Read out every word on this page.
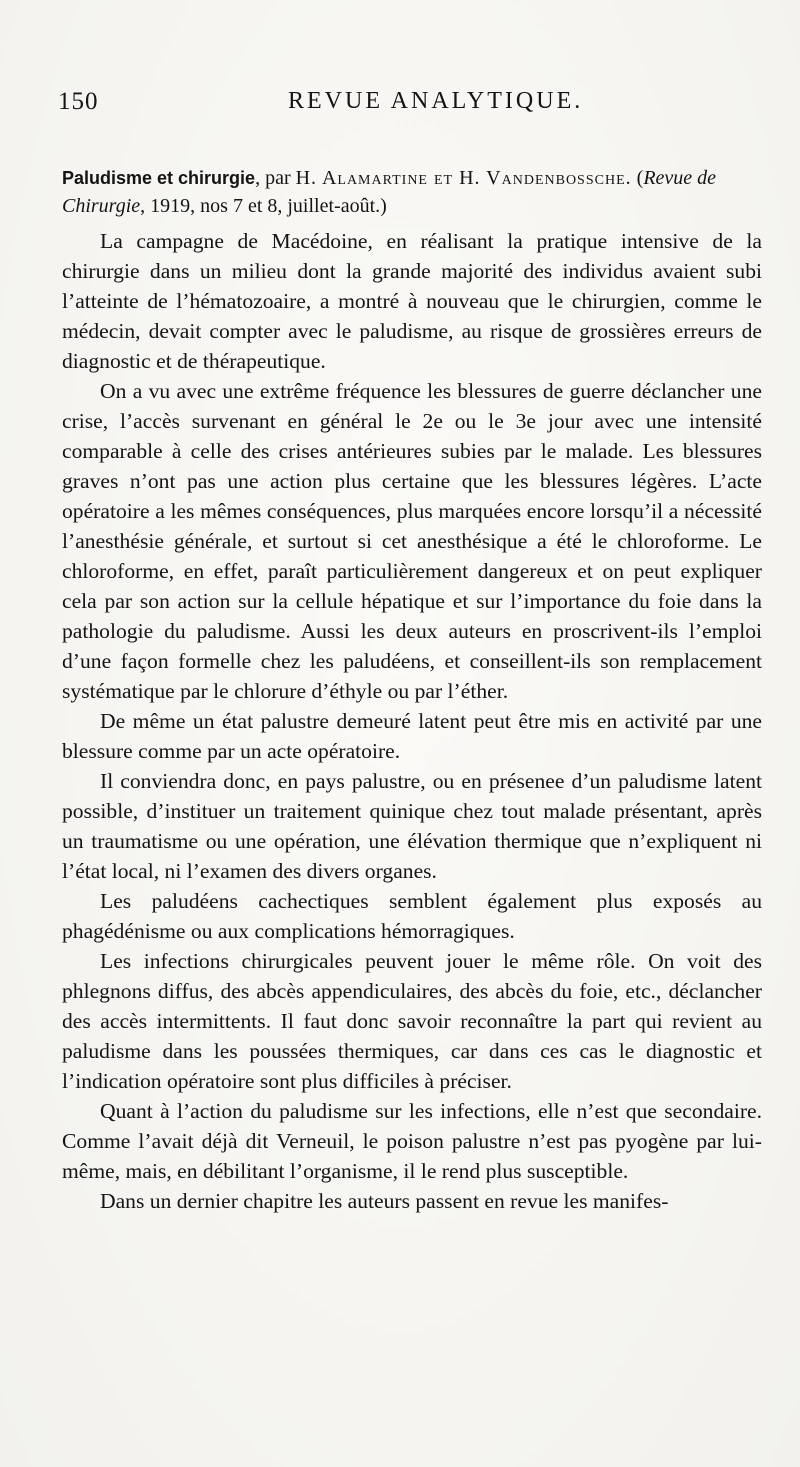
150	REVUE ANALYTIQUE.
Paludisme et chirurgie, par H. Alamartine et H. Vandenbossche. (Revue de Chirurgie, 1919, nos 7 et 8, juillet-août.)

La campagne de Macédoine, en réalisant la pratique intensive de la chirurgie dans un milieu dont la grande majorité des individus avaient subi l’atteinte de l’hématozoaire, a montré à nouveau que le chirurgien, comme le médecin, devait compter avec le paludisme, au risque de grossières erreurs de diagnostic et de thérapeutique.

On a vu avec une extrême fréquence les blessures de guerre déclancher une crise, l’accès survenant en général le 2e ou le 3e jour avec une intensité comparable à celle des crises antérieures subies par le malade. Les blessures graves n’ont pas une action plus certaine que les blessures légères. L’acte opératoire a les mêmes conséquences, plus marquées encore lorsqu’il a nécessité l’anesthésie générale, et surtout si cet anesthésique a été le chloroforme. Le chloroforme, en effet, paraît particulièrement dangereux et on peut expliquer cela par son action sur la cellule hépatique et sur l’importance du foie dans la pathologie du paludisme. Aussi les deux auteurs en proscrivent-ils l’emploi d’une façon formelle chez les paludéens, et conseillent-ils son remplacement systématique par le chlorure d’éthyle ou par l’éther.

De même un état palustre demeuré latent peut être mis en activité par une blessure comme par un acte opératoire.

Il conviendra donc, en pays palustre, ou en présenee d’un paludisme latent possible, d’instituer un traitement quinique chez tout malade présentant, après un traumatisme ou une opération, une élévation thermique que n’expliquent ni l’état local, ni l’examen des divers organes.

Les paludéens cachectiques semblent également plus exposés au phagédénisme ou aux complications hémorragiques.

Les infections chirurgicales peuvent jouer le même rôle. On voit des phlegnons diffus, des abcès appendiculaires, des abcès du foie, etc., déclancher des accès intermittents. Il faut donc savoir reconnaître la part qui revient au paludisme dans les poussées thermiques, car dans ces cas le diagnostic et l’indication opératoire sont plus difficiles à préciser.

Quant à l’action du paludisme sur les infections, elle n’est que secondaire. Comme l’avait déjà dit Verneuil, le poison palustre n’est pas pyogène par lui-même, mais, en débilitant l’organisme, il le rend plus susceptible.

Dans un dernier chapitre les auteurs passent en revue les manifes-
